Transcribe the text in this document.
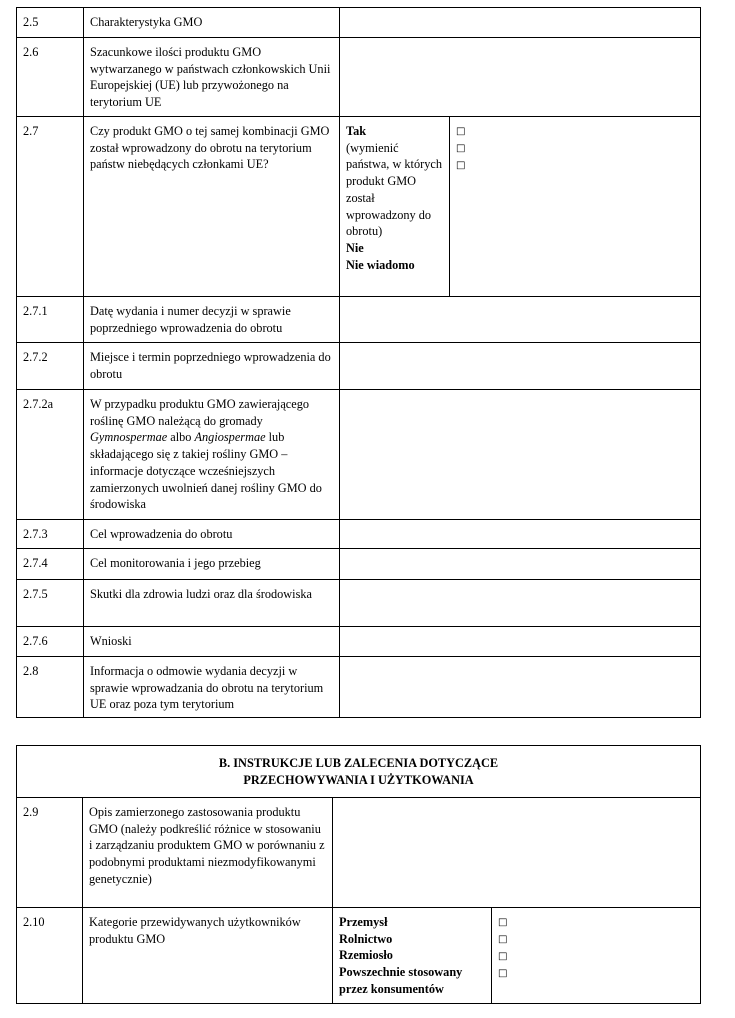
2.5	Charakterystyka GMO		
2.6	Szacunkowe ilości produktu GMO wytwarzanego w państwach członkowskich Unii Europejskiej (UE) lub przywożonego na terytorium UE		
2.7	Czy produkt GMO o tej samej kombinacji GMO został wprowadzony do obrotu na terytorium państw niebędących członkami UE?	Tak
(wymienić państwa, w których produkt GMO został wprowadzony do obrotu)
Nie
Nie wiadomo	□
□
□

2.7.1	Datę wydania i numer decyzji w sprawie poprzedniego wprowadzenia do obrotu		
2.7.2	Miejsce i termin poprzedniego wprowadzenia do obrotu		
2.7.2a	W przypadku produktu GMO zawierającego roślinę GMO należącą do gromady Gymnospermae albo Angiospermae lub składającego się z takiej rośliny GMO – informacje dotyczące wcześniejszych zamierzonych uwolnień danej rośliny GMO do środowiska		
2.7.3	Cel wprowadzenia do obrotu		
2.7.4	Cel monitorowania i jego przebieg		
2.7.5	Skutki dla zdrowia ludzi oraz dla środowiska		
2.7.6	Wnioski		
2.8	Informacja o odmowie wydania decyzji w sprawie wprowadzania do obrotu na terytorium UE oraz poza tym terytorium		
B. INSTRUKCJE LUB ZALECENIA DOTYCZĄCE
PRZECHOWYWANIA I UŻYTKOWANIA			

2.9	Opis zamierzonego zastosowania produktu GMO (należy podkreślić różnice w stosowaniu i zarządzaniu produktem GMO w porównaniu z podobnymi produktami niezmodyfikowanymi genetycznie)		
2.10	Kategorie przewidywanych użytkowników produktu GMO	Przemysł
Rolnictwo
Rzemiosło
Powszechnie stosowany przez konsumentów	□
□
□
□
